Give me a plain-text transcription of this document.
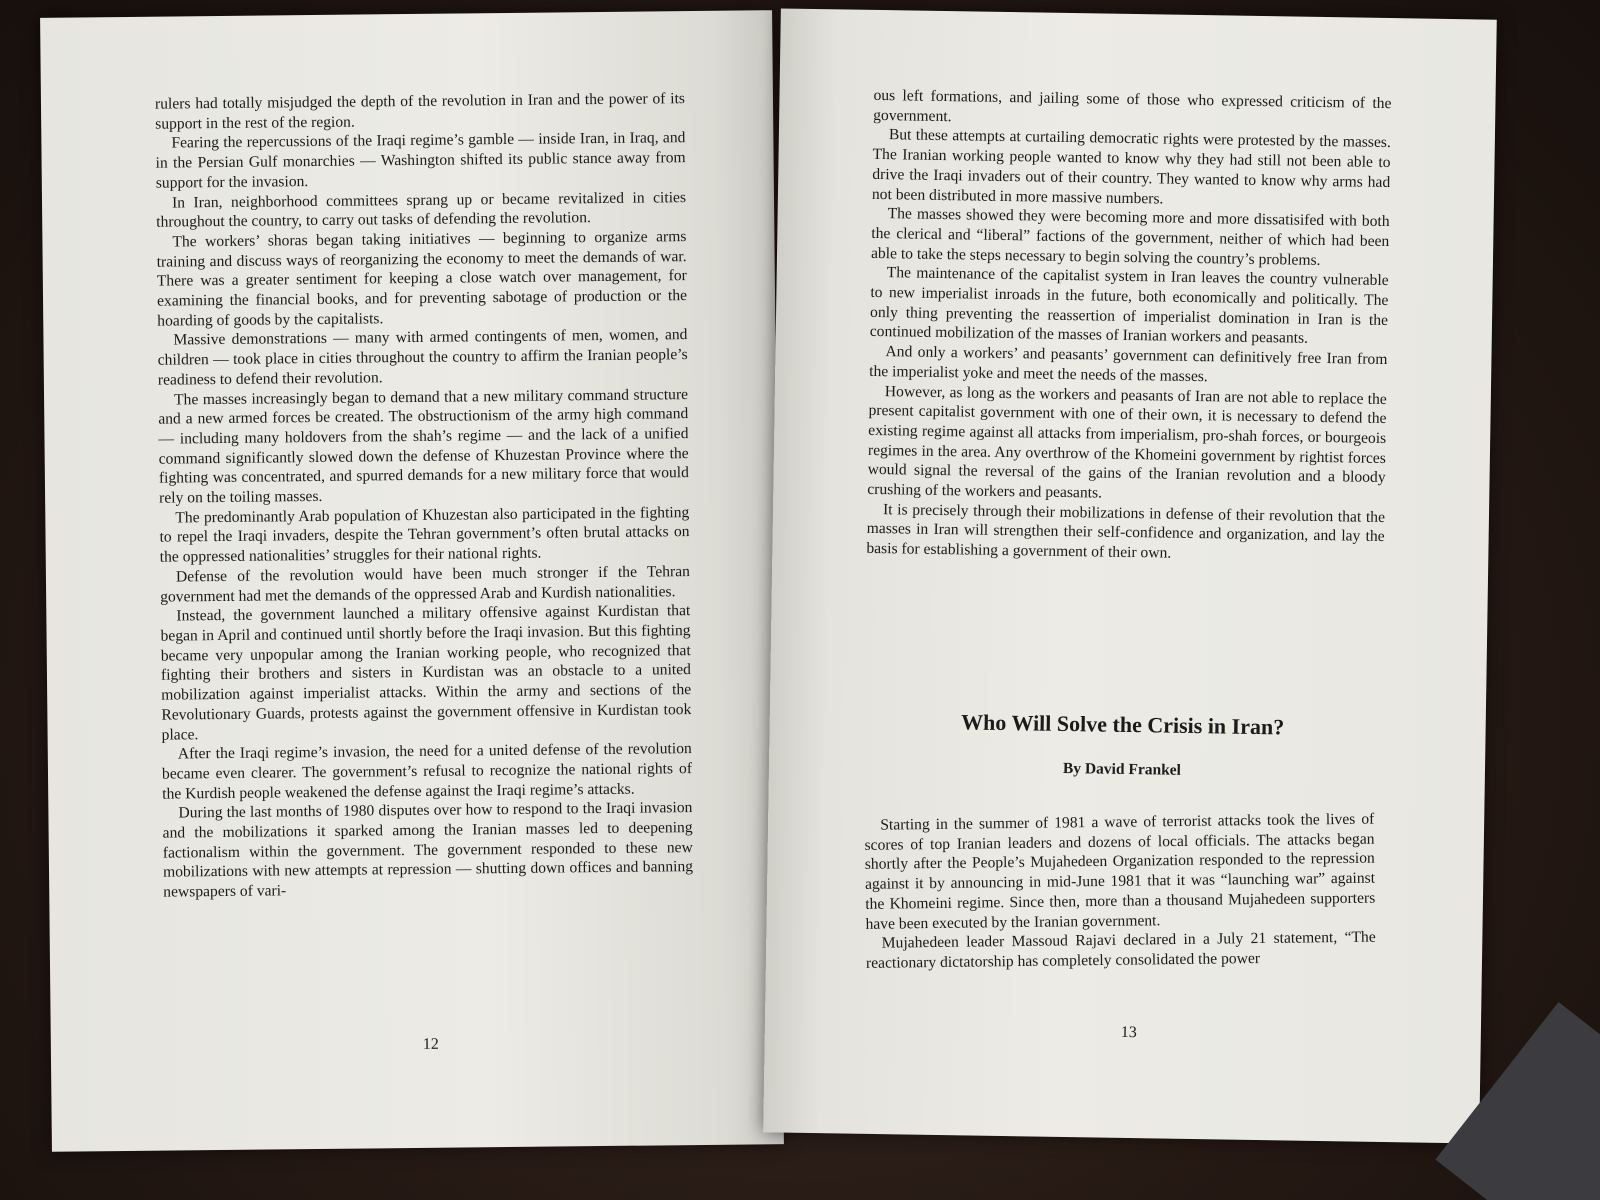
rulers had totally misjudged the depth of the revolution in Iran and the power of its support in the rest of the region.

Fearing the repercussions of the Iraqi regime’s gamble — inside Iran, in Iraq, and in the Persian Gulf monarchies — Washington shifted its public stance away from support for the invasion.

In Iran, neighborhood committees sprang up or became revitalized in cities throughout the country, to carry out tasks of defending the revolution.

The workers’ shoras began taking initiatives — beginning to organize arms training and discuss ways of reorganizing the economy to meet the demands of war. There was a greater sentiment for keeping a close watch over management, for examining the financial books, and for preventing sabotage of production or the hoarding of goods by the capitalists.

Massive demonstrations — many with armed contingents of men, women, and children — took place in cities throughout the country to affirm the Iranian people’s readiness to defend their revolution.

The masses increasingly began to demand that a new military command structure and a new armed forces be created. The obstructionism of the army high command — including many holdovers from the shah’s regime — and the lack of a unified command significantly slowed down the defense of Khuzestan Province where the fighting was concentrated, and spurred demands for a new military force that would rely on the toiling masses.

The predominantly Arab population of Khuzestan also participated in the fighting to repel the Iraqi invaders, despite the Tehran government’s often brutal attacks on the oppressed nationalities’ struggles for their national rights.

Defense of the revolution would have been much stronger if the Tehran government had met the demands of the oppressed Arab and Kurdish nationalities.

Instead, the government launched a military offensive against Kurdistan that began in April and continued until shortly before the Iraqi invasion. But this fighting became very unpopular among the Iranian working people, who recognized that fighting their brothers and sisters in Kurdistan was an obstacle to a united mobilization against imperialist attacks. Within the army and sections of the Revolutionary Guards, protests against the government offensive in Kurdistan took place.

After the Iraqi regime’s invasion, the need for a united defense of the revolution became even clearer. The government’s refusal to recognize the national rights of the Kurdish people weakened the defense against the Iraqi regime’s attacks.

During the last months of 1980 disputes over how to respond to the Iraqi invasion and the mobilizations it sparked among the Iranian masses led to deepening factionalism within the government. The government responded to these new mobilizations with new attempts at repression — shutting down offices and banning newspapers of vari-

12

ous left formations, and jailing some of those who expressed criticism of the government.

But these attempts at curtailing democratic rights were protested by the masses. The Iranian working people wanted to know why they had still not been able to drive the Iraqi invaders out of their country. They wanted to know why arms had not been distributed in more massive numbers.

The masses showed they were becoming more and more dissatisifed with both the clerical and “liberal” factions of the government, neither of which had been able to take the steps necessary to begin solving the country’s problems.

The maintenance of the capitalist system in Iran leaves the country vulnerable to new imperialist inroads in the future, both economically and politically. The only thing preventing the reassertion of imperialist domination in Iran is the continued mobilization of the masses of Iranian workers and peasants.

And only a workers’ and peasants’ government can definitively free Iran from the imperialist yoke and meet the needs of the masses.

However, as long as the workers and peasants of Iran are not able to replace the present capitalist government with one of their own, it is necessary to defend the existing regime against all attacks from imperialism, pro-shah forces, or bourgeois regimes in the area. Any overthrow of the Khomeini government by rightist forces would signal the reversal of the gains of the Iranian revolution and a bloody crushing of the workers and peasants.

It is precisely through their mobilizations in defense of their revolution that the masses in Iran will strengthen their self-confidence and organization, and lay the basis for establishing a government of their own.

Who Will Solve the Crisis in Iran?
By David Frankel

Starting in the summer of 1981 a wave of terrorist attacks took the lives of scores of top Iranian leaders and dozens of local officials. The attacks began shortly after the People’s Mujahedeen Organization responded to the repression against it by announcing in mid-June 1981 that it was “launching war” against the Khomeini regime. Since then, more than a thousand Mujahedeen supporters have been executed by the Iranian government.

Mujahedeen leader Massoud Rajavi declared in a July 21 statement, “The reactionary dictatorship has completely consolidated the power

13
